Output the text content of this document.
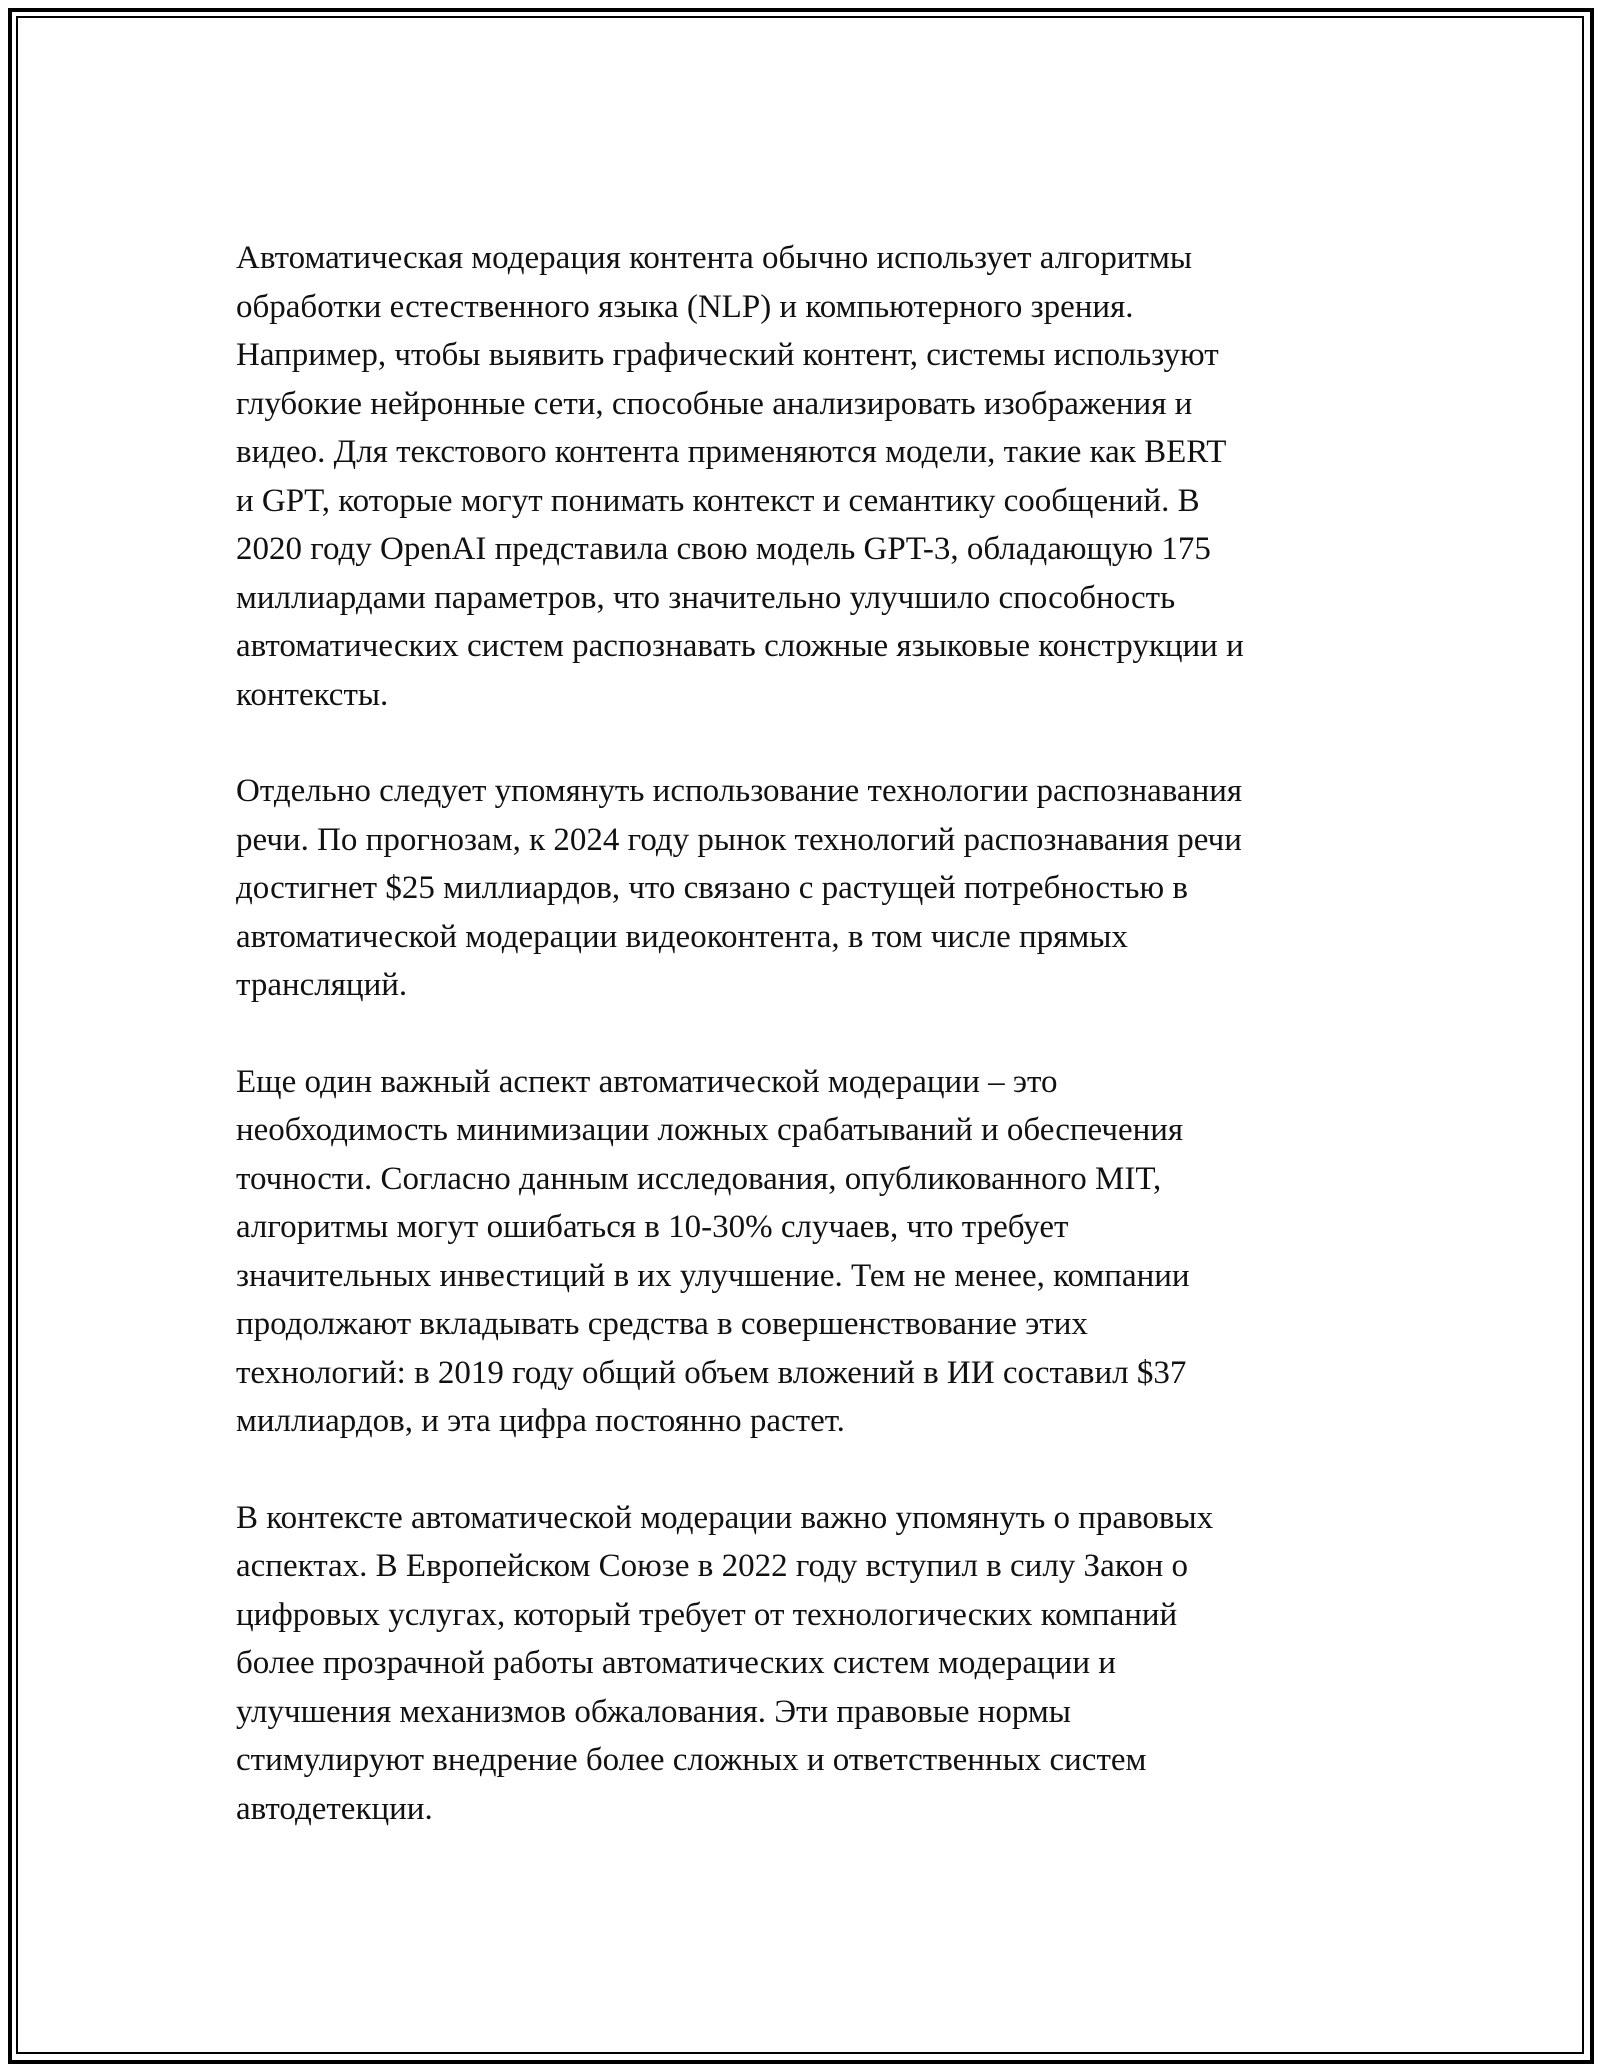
Автоматическая модерация контента обычно использует алгоритмы
обработки естественного языка (NLP) и компьютерного зрения.
Например, чтобы выявить графический контент, системы используют
глубокие нейронные сети, способные анализировать изображения и
видео. Для текстового контента применяются модели, такие как BERT
и GPT, которые могут понимать контекст и семантику сообщений. В
2020 году OpenAI представила свою модель GPT-3, обладающую 175
миллиардами параметров, что значительно улучшило способность
автоматических систем распознавать сложные языковые конструкции и
контексты.
Отдельно следует упомянуть использование технологии распознавания
речи. По прогнозам, к 2024 году рынок технологий распознавания речи
достигнет $25 миллиардов, что связано с растущей потребностью в
автоматической модерации видеоконтента, в том числе прямых
трансляций.
Еще один важный аспект автоматической модерации – это
необходимость минимизации ложных срабатываний и обеспечения
точности. Согласно данным исследования, опубликованного MIT,
алгоритмы могут ошибаться в 10-30% случаев, что требует
значительных инвестиций в их улучшение. Тем не менее, компании
продолжают вкладывать средства в совершенствование этих
технологий: в 2019 году общий объем вложений в ИИ составил $37
миллиардов, и эта цифра постоянно растет.
В контексте автоматической модерации важно упомянуть о правовых
аспектах. В Европейском Союзе в 2022 году вступил в силу Закон о
цифровых услугах, который требует от технологических компаний
более прозрачной работы автоматических систем модерации и
улучшения механизмов обжалования. Эти правовые нормы
стимулируют внедрение более сложных и ответственных систем
автодетекции.
